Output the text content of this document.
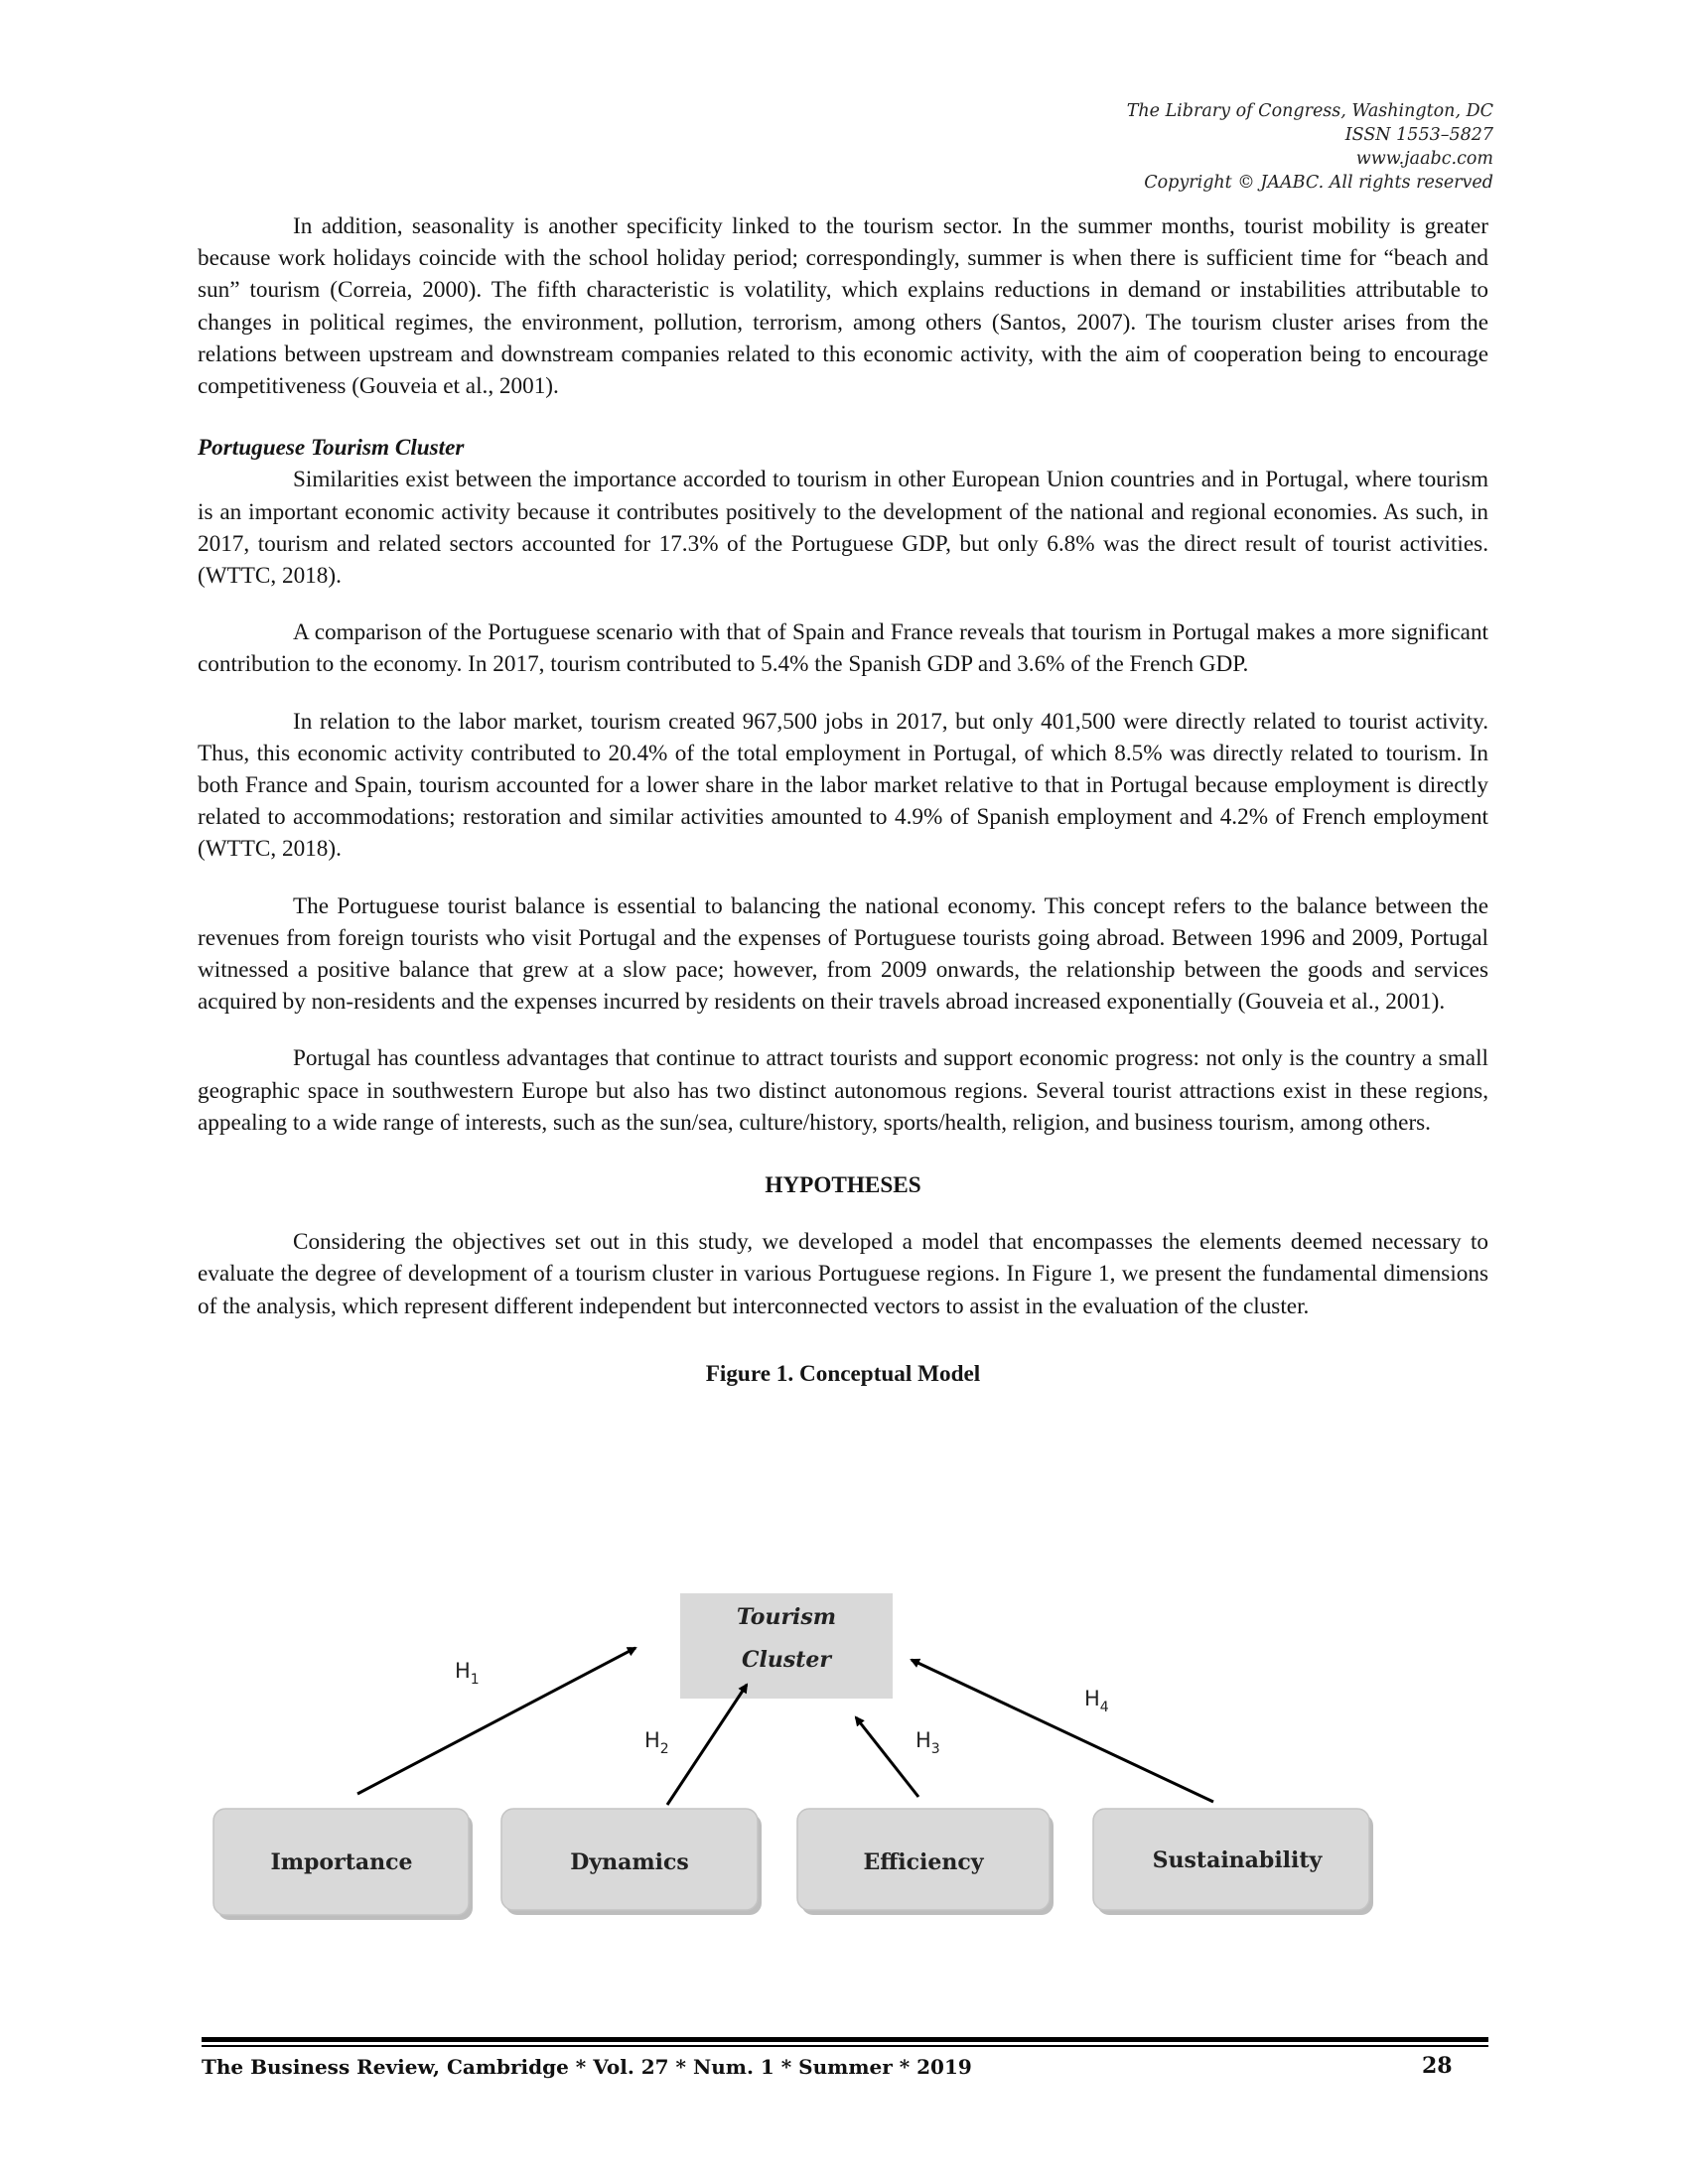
The Library of Congress, Washington, DC
ISSN 1553–5827
www.jaabc.com
Copyright © JAABC. All rights reserved

In addition, seasonality is another specificity linked to the tourism sector. In the summer months, tourist mobility is greater because work holidays coincide with the school holiday period; correspondingly, summer is when there is sufficient time for “beach and sun” tourism (Correia, 2000). The fifth characteristic is volatility, which explains reductions in demand or instabilities attributable to changes in political regimes, the environment, pollution, terrorism, among others (Santos, 2007). The tourism cluster arises from the relations between upstream and downstream companies related to this economic activity, with the aim of cooperation being to encourage competitiveness (Gouveia et al., 2001).

Portuguese Tourism Cluster

Similarities exist between the importance accorded to tourism in other European Union countries and in Portugal, where tourism is an important economic activity because it contributes positively to the development of the national and regional economies. As such, in 2017, tourism and related sectors accounted for 17.3% of the Portuguese GDP, but only 6.8% was the direct result of tourist activities. (WTTC, 2018).

A comparison of the Portuguese scenario with that of Spain and France reveals that tourism in Portugal makes a more significant contribution to the economy. In 2017, tourism contributed to 5.4% the Spanish GDP and 3.6% of the French GDP.

In relation to the labor market, tourism created 967,500 jobs in 2017, but only 401,500 were directly related to tourist activity. Thus, this economic activity contributed to 20.4% of the total employment in Portugal, of which 8.5% was directly related to tourism. In both France and Spain, tourism accounted for a lower share in the labor market relative to that in Portugal because employment is directly related to accommodations; restoration and similar activities amounted to 4.9% of Spanish employment and 4.2% of French employment (WTTC, 2018).

The Portuguese tourist balance is essential to balancing the national economy. This concept refers to the balance between the revenues from foreign tourists who visit Portugal and the expenses of Portuguese tourists going abroad. Between 1996 and 2009, Portugal witnessed a positive balance that grew at a slow pace; however, from 2009 onwards, the relationship between the goods and services acquired by non-residents and the expenses incurred by residents on their travels abroad increased exponentially (Gouveia et al., 2001).

Portugal has countless advantages that continue to attract tourists and support economic progress: not only is the country a small geographic space in southwestern Europe but also has two distinct autonomous regions. Several tourist attractions exist in these regions, appealing to a wide range of interests, such as the sun/sea, culture/history, sports/health, religion, and business tourism, among others.

HYPOTHESES

Considering the objectives set out in this study, we developed a model that encompasses the elements deemed necessary to evaluate the degree of development of a tourism cluster in various Portuguese regions. In Figure 1, we present the fundamental dimensions of the analysis, which represent different independent but interconnected vectors to assist in the evaluation of the cluster.

Figure 1. Conceptual Model
Tourism
Cluster
Importance	Dynamics	Efficiency	Sustainability
$H_1$
$H_2$	$H_3$
$H_4$
The Business Review, Cambridge * Vol. 27 * Num. 1 * Summer * 2019	28
